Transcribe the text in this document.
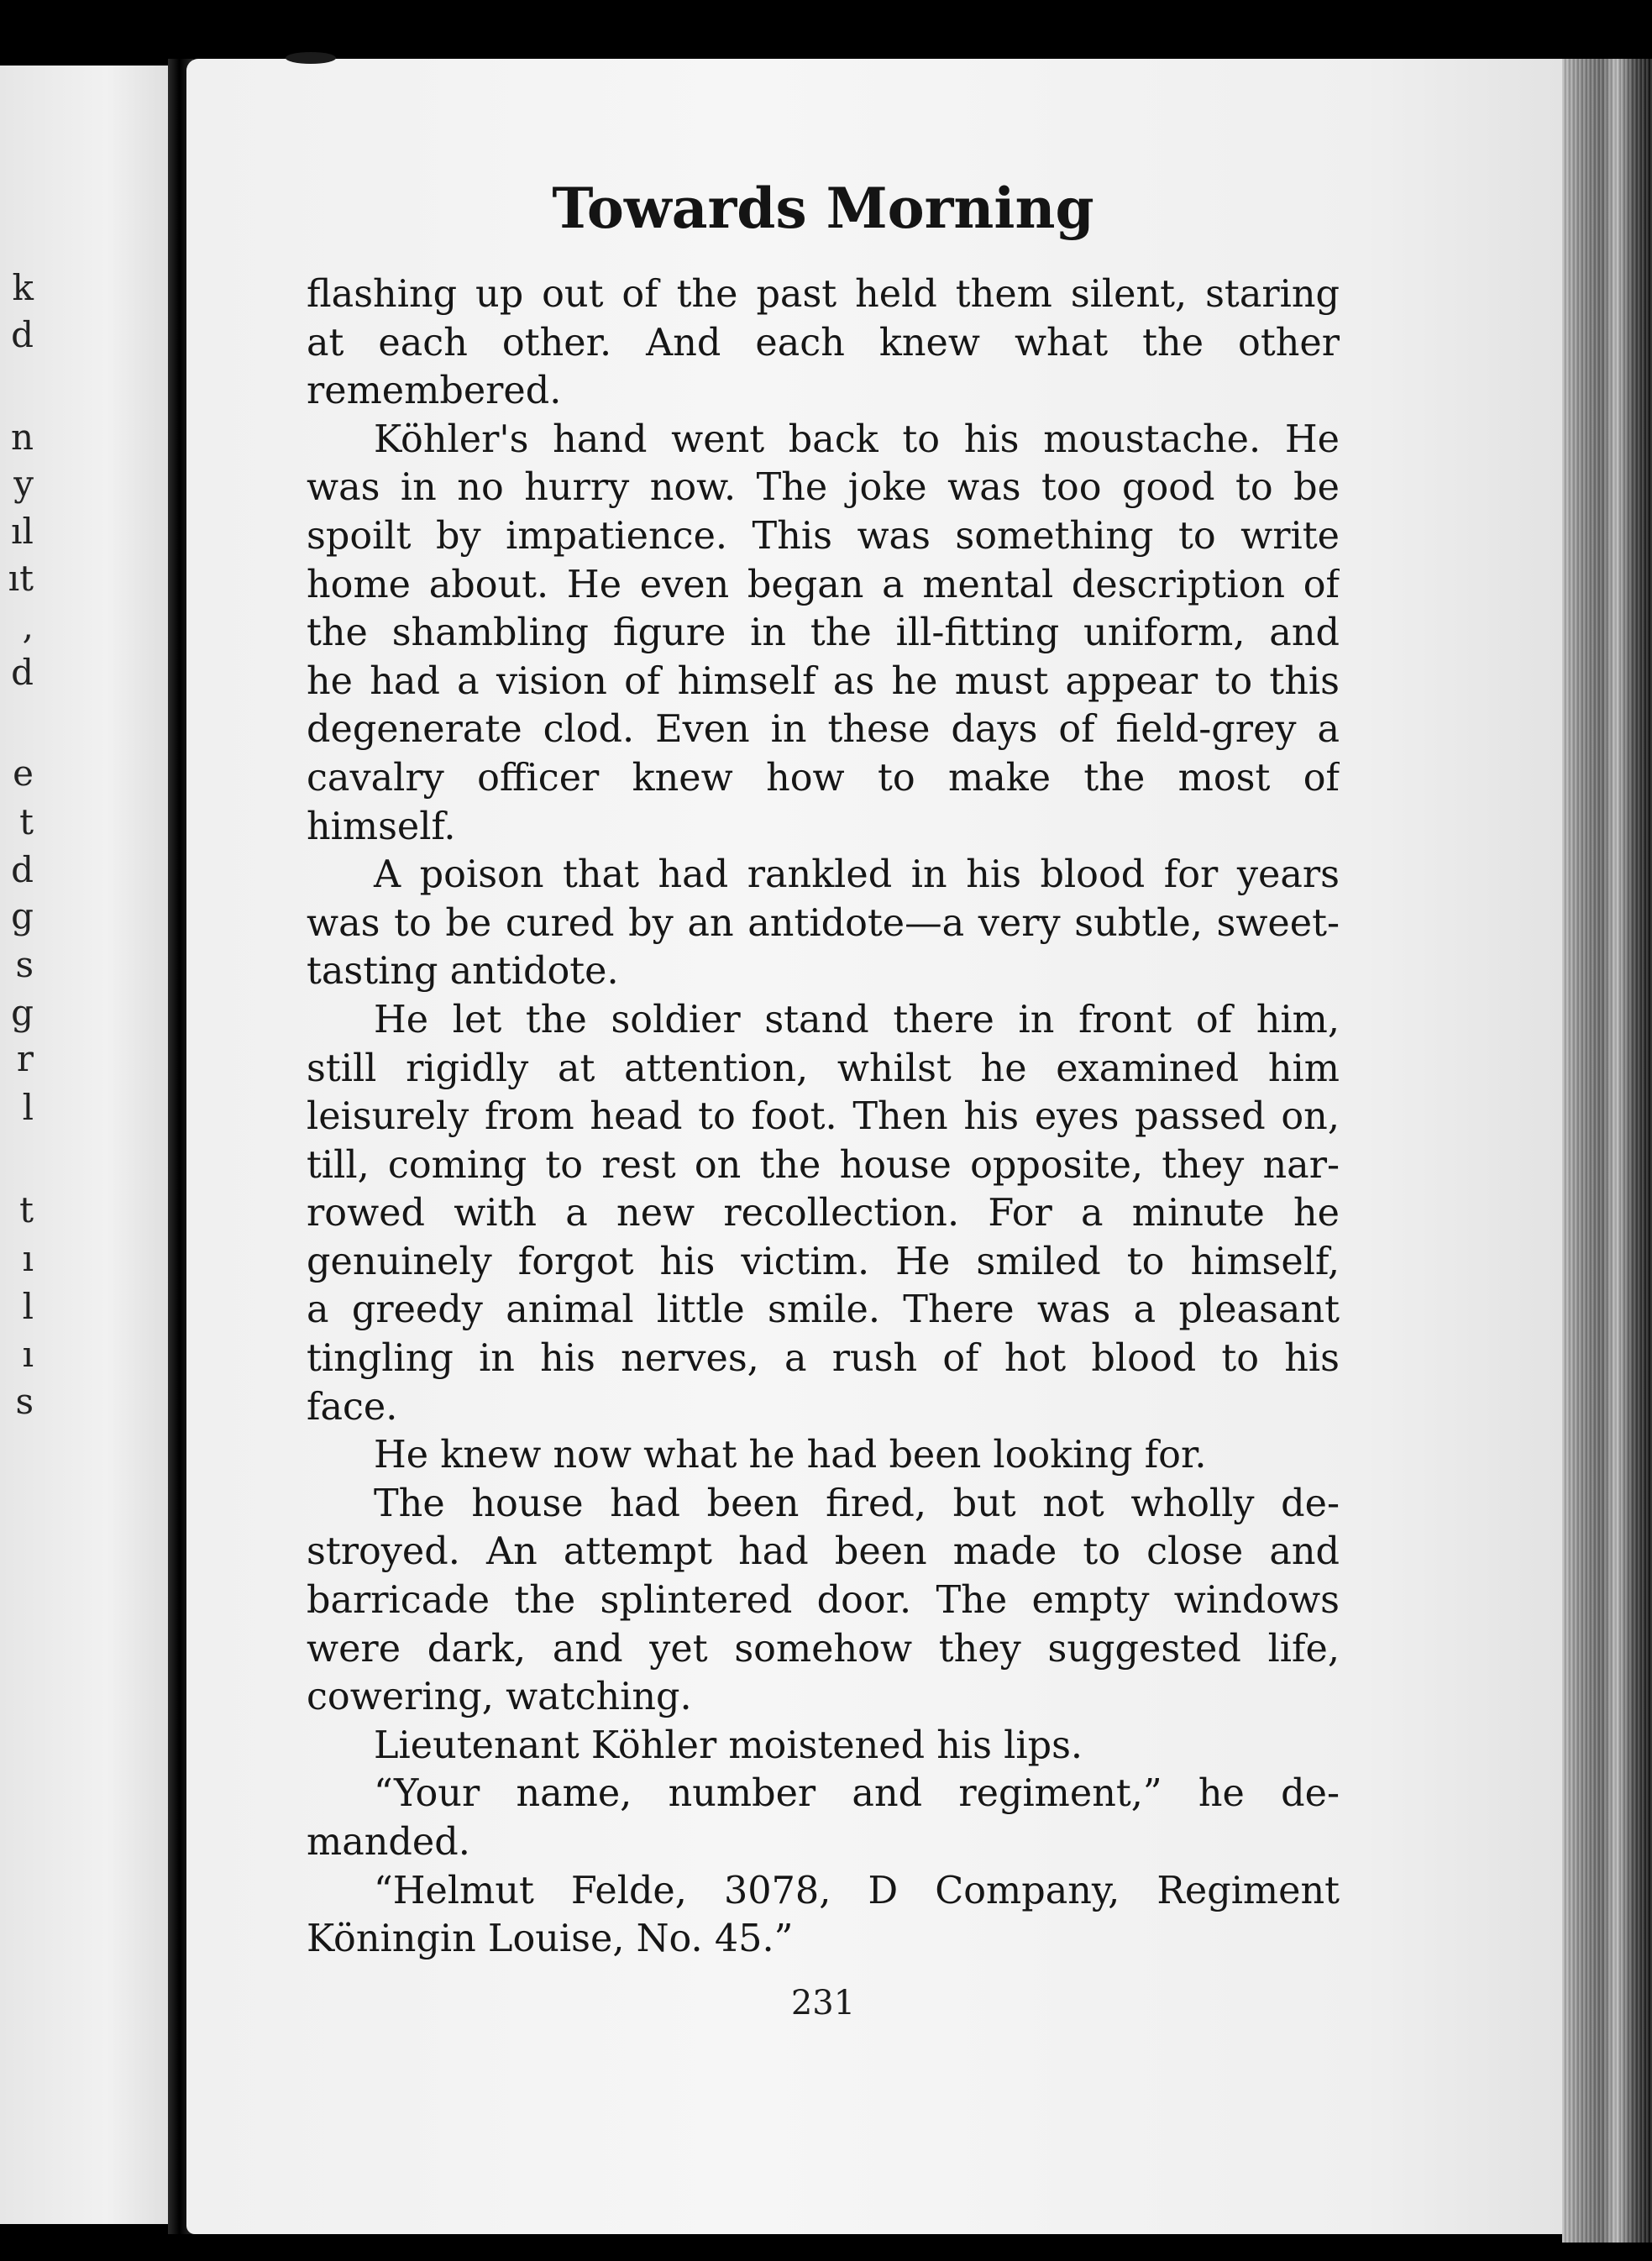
k
d
n
y
ıl
ıt
,
d
e
t
d
g
s
g
r
l
t
ı
l
ı
s
Towards Morning
flashing up out of the past held them silent, staring
at each other. And each knew what the other
remembered.
Köhler's hand went back to his moustache. He
was in no hurry now. The joke was too good to be
spoilt by impatience. This was something to write
home about. He even began a mental description of
the shambling figure in the ill-fitting uniform, and
he had a vision of himself as he must appear to this
degenerate clod. Even in these days of field-grey a
cavalry officer knew how to make the most of
himself.
A poison that had rankled in his blood for years
was to be cured by an antidote—a very subtle, sweet-
tasting antidote.
He let the soldier stand there in front of him,
still rigidly at attention, whilst he examined him
leisurely from head to foot. Then his eyes passed on,
till, coming to rest on the house opposite, they nar-
rowed with a new recollection. For a minute he
genuinely forgot his victim. He smiled to himself,
a greedy animal little smile. There was a pleasant
tingling in his nerves, a rush of hot blood to his
face.
He knew now what he had been looking for.
The house had been fired, but not wholly de-
stroyed. An attempt had been made to close and
barricade the splintered door. The empty windows
were dark, and yet somehow they suggested life,
cowering, watching.
Lieutenant Köhler moistened his lips.
“Your name, number and regiment,” he de-
manded.
“Helmut Felde, 3078, D Company, Regiment
Köningin Louise, No. 45.”
231
